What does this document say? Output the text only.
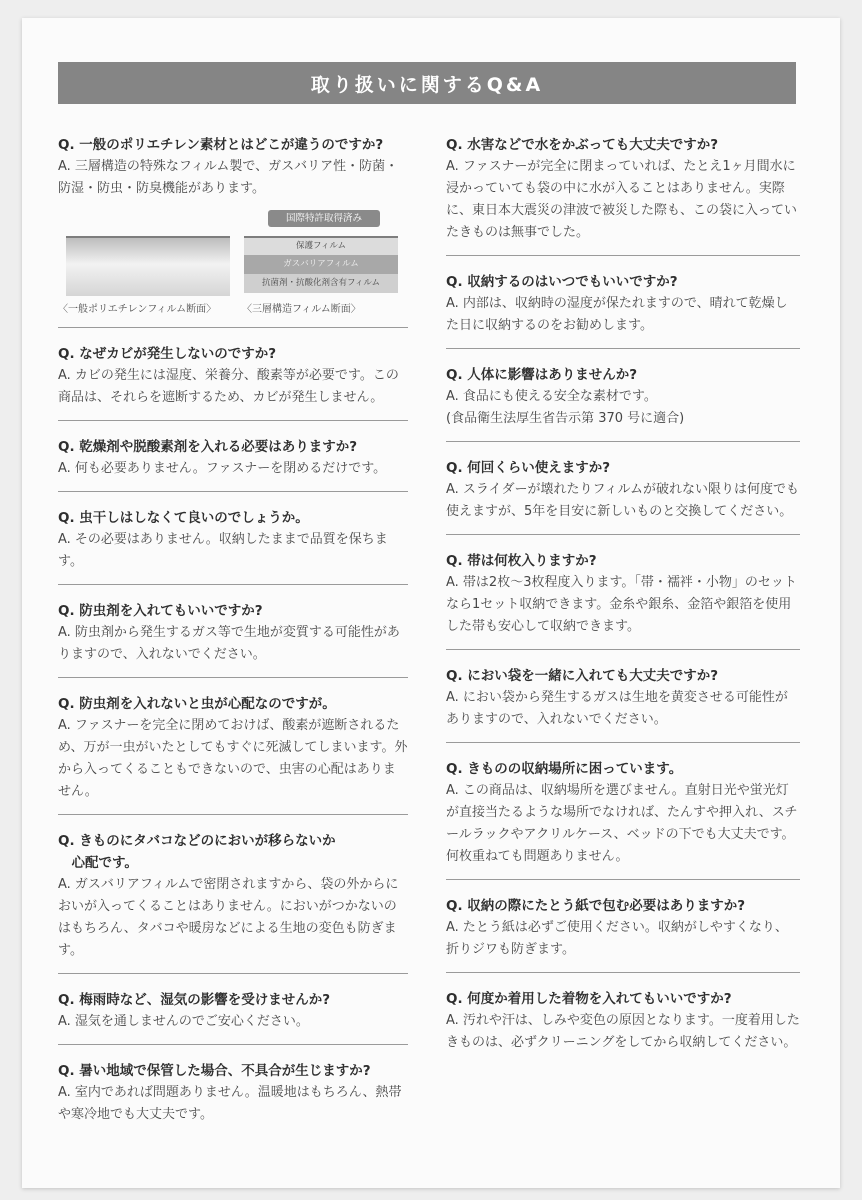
取り扱いに関するQ&A
Q. 一般のポリエチレン素材とはどこが違うのですか?
A. 三層構造の特殊なフィルム製で、ガスバリア性・防菌・防湿・防虫・防臭機能があります。
国際特許取得済み
保護フィルム
ガスバリアフィルム
抗菌剤・抗酸化剤含有フィルム
〈一般ポリエチレンフィルム断面〉	〈三層構造フィルム断面〉
Q. なぜカビが発生しないのですか?
A. カビの発生には湿度、栄養分、酸素等が必要です。この商品は、それらを遮断するため、カビが発生しません。
Q. 乾燥剤や脱酸素剤を入れる必要はありますか?
A. 何も必要ありません。ファスナーを閉めるだけです。
Q. 虫干しはしなくて良いのでしょうか。
A. その必要はありません。収納したままで品質を保ちます。
Q. 防虫剤を入れてもいいですか?
A. 防虫剤から発生するガス等で生地が変質する可能性がありますので、入れないでください。
Q. 防虫剤を入れないと虫が心配なのですが。
A. ファスナーを完全に閉めておけば、酸素が遮断されるため、万が一虫がいたとしてもすぐに死滅してしまいます。外から入ってくることもできないので、虫害の心配はありません。
Q. きものにタバコなどのにおいが移らないか
　心配です。
A. ガスバリアフィルムで密閉されますから、袋の外からにおいが入ってくることはありません。においがつかないのはもちろん、タバコや暖房などによる生地の変色も防ぎます。
Q. 梅雨時など、湿気の影響を受けませんか?
A. 湿気を通しませんのでご安心ください。
Q. 暑い地域で保管した場合、不具合が生じますか?
A. 室内であれば問題ありません。温暖地はもちろん、熱帯や寒冷地でも大丈夫です。
Q. 水害などで水をかぶっても大丈夫ですか?
A. ファスナーが完全に閉まっていれば、たとえ1ヶ月間水に浸かっていても袋の中に水が入ることはありません。実際に、東日本大震災の津波で被災した際も、この袋に入っていたきものは無事でした。
Q. 収納するのはいつでもいいですか?
A. 内部は、収納時の湿度が保たれますので、晴れて乾燥した日に収納するのをお勧めします。
Q. 人体に影響はありませんか?
A. 食品にも使える安全な素材です。
(食品衛生法厚生省告示第 370 号に適合)
Q. 何回くらい使えますか?
A. スライダーが壊れたりフィルムが破れない限りは何度でも使えますが、5年を目安に新しいものと交換してください。
Q. 帯は何枚入りますか?
A. 帯は2枚〜3枚程度入ります。「帯・襦袢・小物」のセットなら1セット収納できます。金糸や銀糸、金箔や銀箔を使用した帯も安心して収納できます。
Q. におい袋を一緒に入れても大丈夫ですか?
A. におい袋から発生するガスは生地を黄変させる可能性がありますので、入れないでください。
Q. きものの収納場所に困っています。
A. この商品は、収納場所を選びません。直射日光や蛍光灯が直接当たるような場所でなければ、たんすや押入れ、スチールラックやアクリルケース、ベッドの下でも大丈夫です。何枚重ねても問題ありません。
Q. 収納の際にたとう紙で包む必要はありますか?
A. たとう紙は必ずご使用ください。収納がしやすくなり、折りジワも防ぎます。
Q. 何度か着用した着物を入れてもいいですか?
A. 汚れや汗は、しみや変色の原因となります。一度着用したきものは、必ずクリーニングをしてから収納してください。
